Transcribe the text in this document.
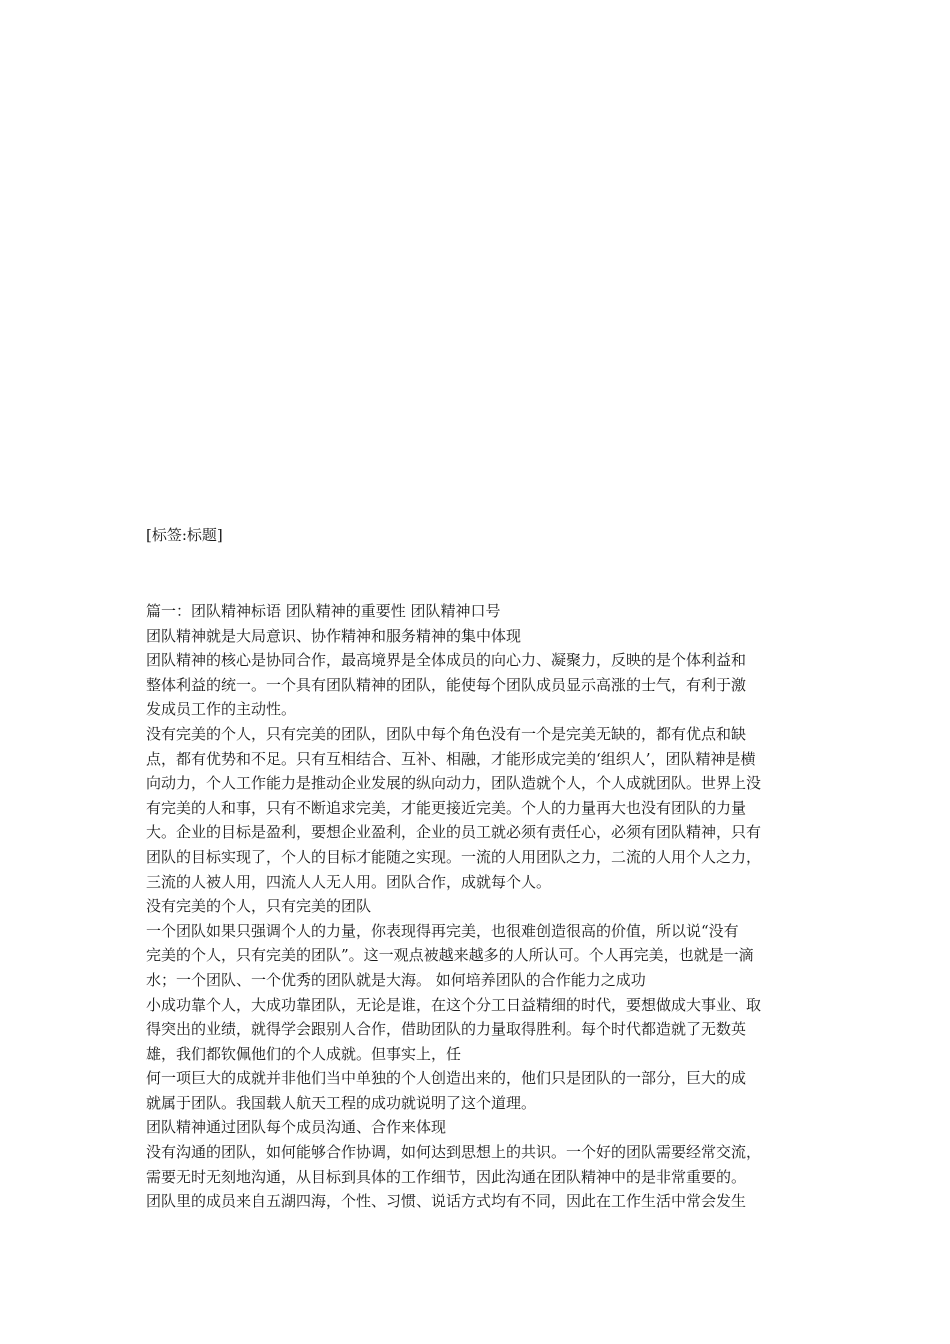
[标签:标题]
篇一：团队精神标语 团队精神的重要性 团队精神口号
团队精神就是大局意识、协作精神和服务精神的集中体现
团队精神的核心是协同合作，最高境界是全体成员的向心力、凝聚力，反映的是个体利益和
整体利益的统一。一个具有团队精神的团队，能使每个团队成员显示高涨的士气，有利于激
发成员工作的主动性。
没有完美的个人，只有完美的团队，团队中每个角色没有一个是完美无缺的，都有优点和缺
点，都有优势和不足。只有互相结合、互补、相融，才能形成完美的‘组织人’，团队精神是横
向动力，个人工作能力是推动企业发展的纵向动力，团队造就个人，个人成就团队。世界上没
有完美的人和事，只有不断追求完美，才能更接近完美。个人的力量再大也没有团队的力量
大。企业的目标是盈利，要想企业盈利，企业的员工就必须有责任心，必须有团队精神，只有
团队的目标实现了，个人的目标才能随之实现。一流的人用团队之力，二流的人用个人之力，
三流的人被人用，四流人人无人用。团队合作，成就每个人。
没有完美的个人，只有完美的团队
一个团队如果只强调个人的力量，你表现得再完美，也很难创造很高的价值，所以说“没有
完美的个人，只有完美的团队”。这一观点被越来越多的人所认可。个人再完美，也就是一滴
水；一个团队、一个优秀的团队就是大海。 如何培养团队的合作能力之成功
小成功靠个人，大成功靠团队，无论是谁，在这个分工日益精细的时代，要想做成大事业、取
得突出的业绩，就得学会跟别人合作，借助团队的力量取得胜利。每个时代都造就了无数英
雄，我们都钦佩他们的个人成就。但事实上，任
何一项巨大的成就并非他们当中单独的个人创造出来的，他们只是团队的一部分，巨大的成
就属于团队。我国载人航天工程的成功就说明了这个道理。
团队精神通过团队每个成员沟通、合作来体现
没有沟通的团队，如何能够合作协调，如何达到思想上的共识。一个好的团队需要经常交流，
需要无时无刻地沟通，从目标到具体的工作细节，因此沟通在团队精神中的是非常重要的。
团队里的成员来自五湖四海，个性、习惯、说话方式均有不同，因此在工作生活中常会发生
